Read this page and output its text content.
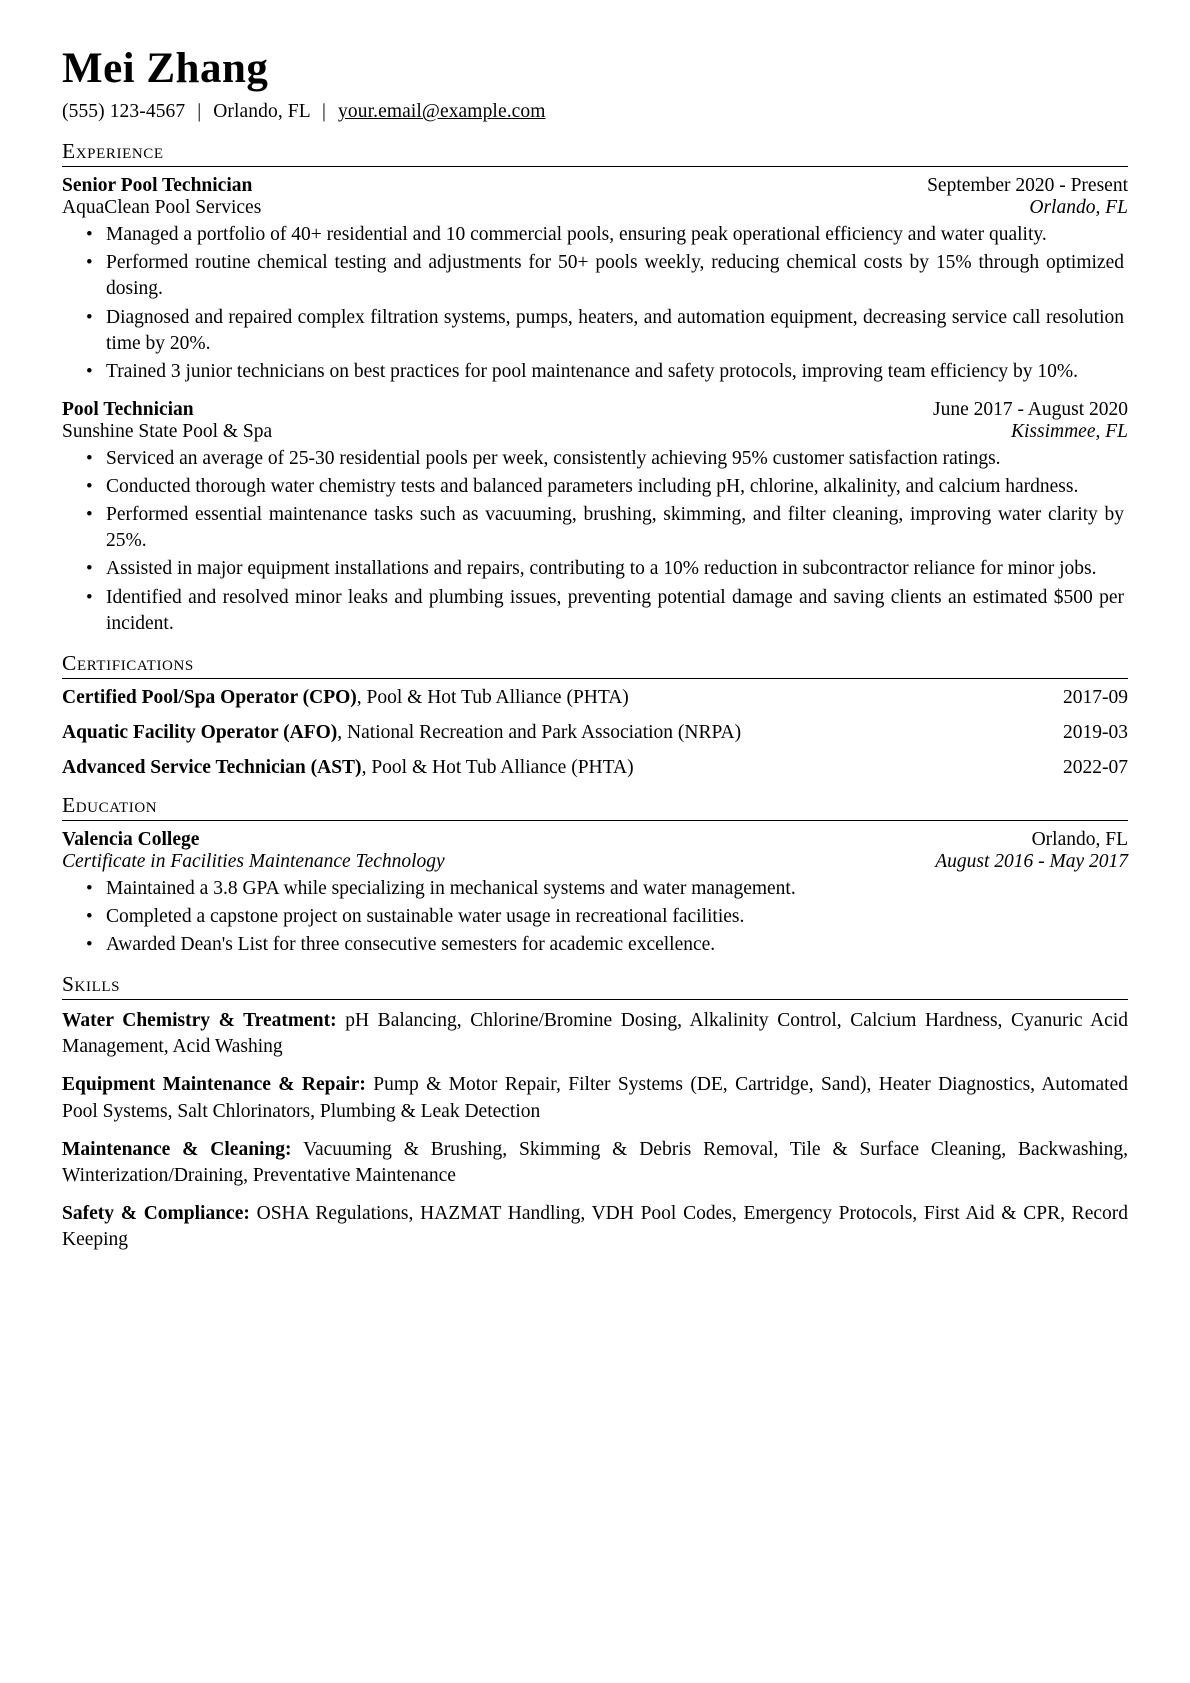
Mei Zhang
(555) 123-4567 | Orlando, FL | your.email@example.com
Experience
Senior Pool Technician	September 2020 - Present
AquaClean Pool Services	Orlando, FL
• Managed a portfolio of 40+ residential and 10 commercial pools, ensuring peak operational efficiency and water quality.
• Performed routine chemical testing and adjustments for 50+ pools weekly, reducing chemical costs by 15% through optimized dosing.
• Diagnosed and repaired complex filtration systems, pumps, heaters, and automation equipment, decreasing service call resolution time by 20%.
• Trained 3 junior technicians on best practices for pool maintenance and safety protocols, improving team efficiency by 10%.
Pool Technician	June 2017 - August 2020
Sunshine State Pool & Spa	Kissimmee, FL
• Serviced an average of 25-30 residential pools per week, consistently achieving 95% customer satisfaction ratings.
• Conducted thorough water chemistry tests and balanced parameters including pH, chlorine, alkalinity, and calcium hardness.
• Performed essential maintenance tasks such as vacuuming, brushing, skimming, and filter cleaning, improving water clarity by 25%.
• Assisted in major equipment installations and repairs, contributing to a 10% reduction in subcontractor reliance for minor jobs.
• Identified and resolved minor leaks and plumbing issues, preventing potential damage and saving clients an estimated $500 per incident.
Certifications
Certified Pool/Spa Operator (CPO), Pool & Hot Tub Alliance (PHTA)	2017-09
Aquatic Facility Operator (AFO), National Recreation and Park Association (NRPA)	2019-03
Advanced Service Technician (AST), Pool & Hot Tub Alliance (PHTA)	2022-07
Education
Valencia College	Orlando, FL
Certificate in Facilities Maintenance Technology	August 2016 - May 2017
• Maintained a 3.8 GPA while specializing in mechanical systems and water management.
• Completed a capstone project on sustainable water usage in recreational facilities.
• Awarded Dean's List for three consecutive semesters for academic excellence.
Skills
Water Chemistry & Treatment: pH Balancing, Chlorine/Bromine Dosing, Alkalinity Control, Calcium Hardness, Cyanuric Acid Management, Acid Washing
Equipment Maintenance & Repair: Pump & Motor Repair, Filter Systems (DE, Cartridge, Sand), Heater Diagnostics, Automated Pool Systems, Salt Chlorinators, Plumbing & Leak Detection
Maintenance & Cleaning: Vacuuming & Brushing, Skimming & Debris Removal, Tile & Surface Cleaning, Backwashing, Winterization/Draining, Preventative Maintenance
Safety & Compliance: OSHA Regulations, HAZMAT Handling, VDH Pool Codes, Emergency Protocols, First Aid & CPR, Record Keeping
